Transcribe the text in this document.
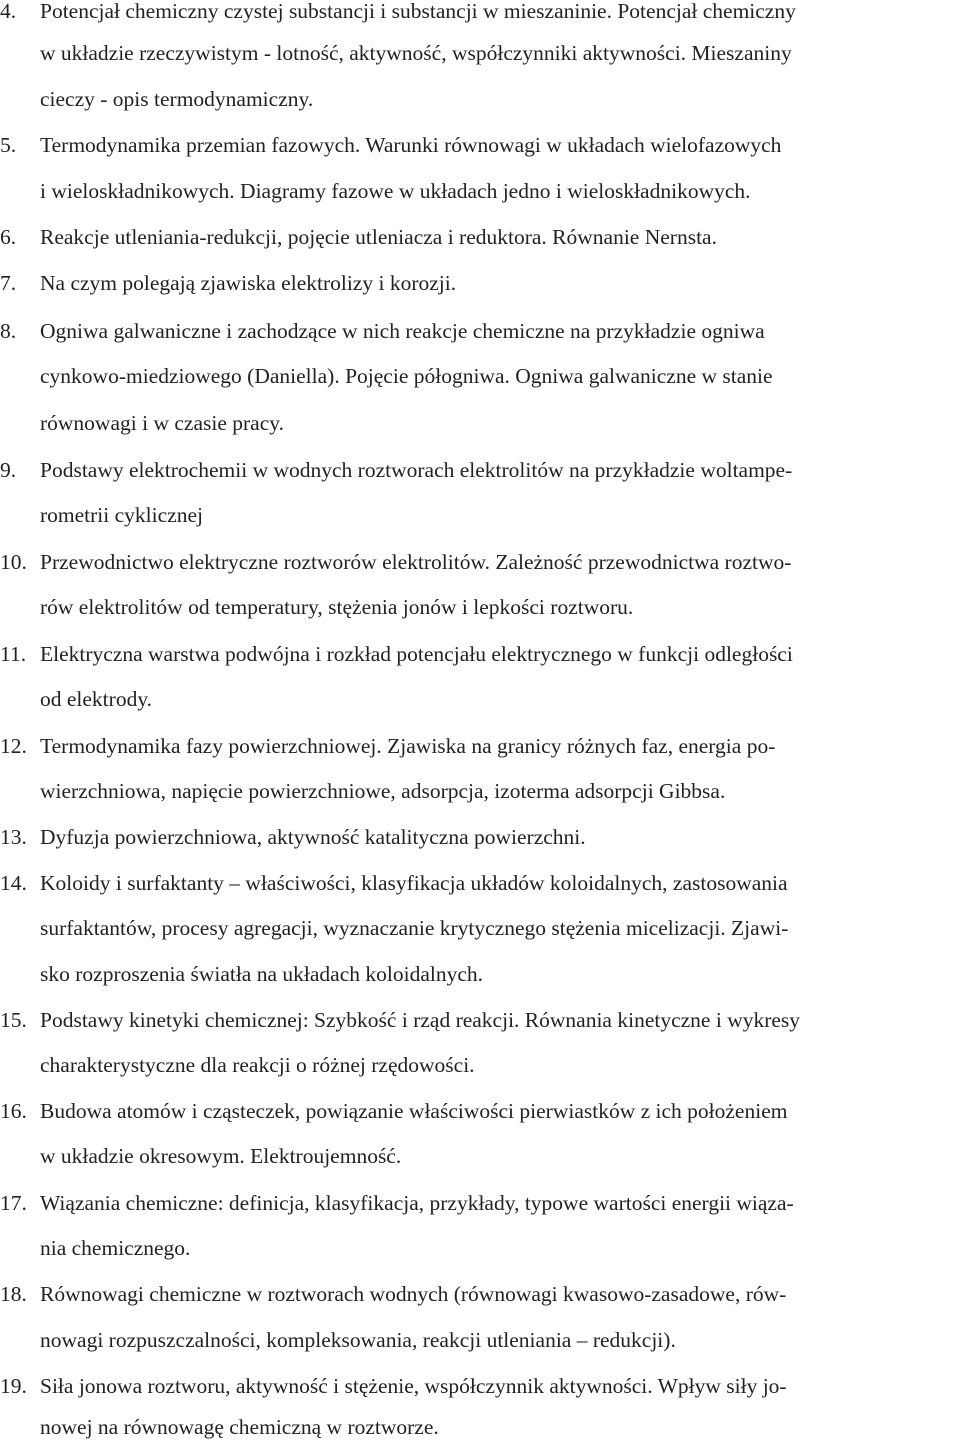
4. Potencjał chemiczny czystej substancji i substancji w mieszaninie. Potencjał chemiczny
w układzie rzeczywistym - lotność, aktywność, współczynniki aktywności. Mieszaniny
cieczy - opis termodynamiczny.
5. Termodynamika przemian fazowych. Warunki równowagi w układach wielofazowych
i wieloskładnikowych. Diagramy fazowe w układach jedno i wieloskładnikowych.
6. Reakcje utleniania-redukcji, pojęcie utleniacza i reduktora. Równanie Nernsta.
7. Na czym polegają zjawiska elektrolizy i korozji.
8. Ogniwa galwaniczne i zachodzące w nich reakcje chemiczne na przykładzie ogniwa
cynkowo-miedziowego (Daniella). Pojęcie półogniwa. Ogniwa galwaniczne w stanie
równowagi i w czasie pracy.
9. Podstawy elektrochemii w wodnych roztworach elektrolitów na przykładzie woltampe-
rometrii cyklicznej
10. Przewodnictwo elektryczne roztworów elektrolitów. Zależność przewodnictwa roztwo-
rów elektrolitów od temperatury, stężenia jonów i lepkości roztworu.
11. Elektryczna warstwa podwójna i rozkład potencjału elektrycznego w funkcji odległości
od elektrody.
12. Termodynamika fazy powierzchniowej. Zjawiska na granicy różnych faz, energia po-
wierzchniowa, napięcie powierzchniowe, adsorpcja, izoterma adsorpcji Gibbsa.
13. Dyfuzja powierzchniowa, aktywność katalityczna powierzchni.
14. Koloidy i surfaktanty – właściwości, klasyfikacja układów koloidalnych, zastosowania
surfaktantów, procesy agregacji, wyznaczanie krytycznego stężenia micelizacji. Zjawi-
sko rozproszenia światła na układach koloidalnych.
15. Podstawy kinetyki chemicznej: Szybkość i rząd reakcji. Równania kinetyczne i wykresy
charakterystyczne dla reakcji o różnej rzędowości.
16. Budowa atomów i cząsteczek, powiązanie właściwości pierwiastków z ich położeniem
w układzie okresowym. Elektroujemność.
17. Wiązania chemiczne: definicja, klasyfikacja, przykłady, typowe wartości energii wiąza-
nia chemicznego.
18. Równowagi chemiczne w roztworach wodnych (równowagi kwasowo-zasadowe, rów-
nowagi rozpuszczalności, kompleksowania, reakcji utleniania – redukcji).
19. Siła jonowa roztworu, aktywność i stężenie, współczynnik aktywności. Wpływ siły jo-
nowej na równowagę chemiczną w roztworze.
